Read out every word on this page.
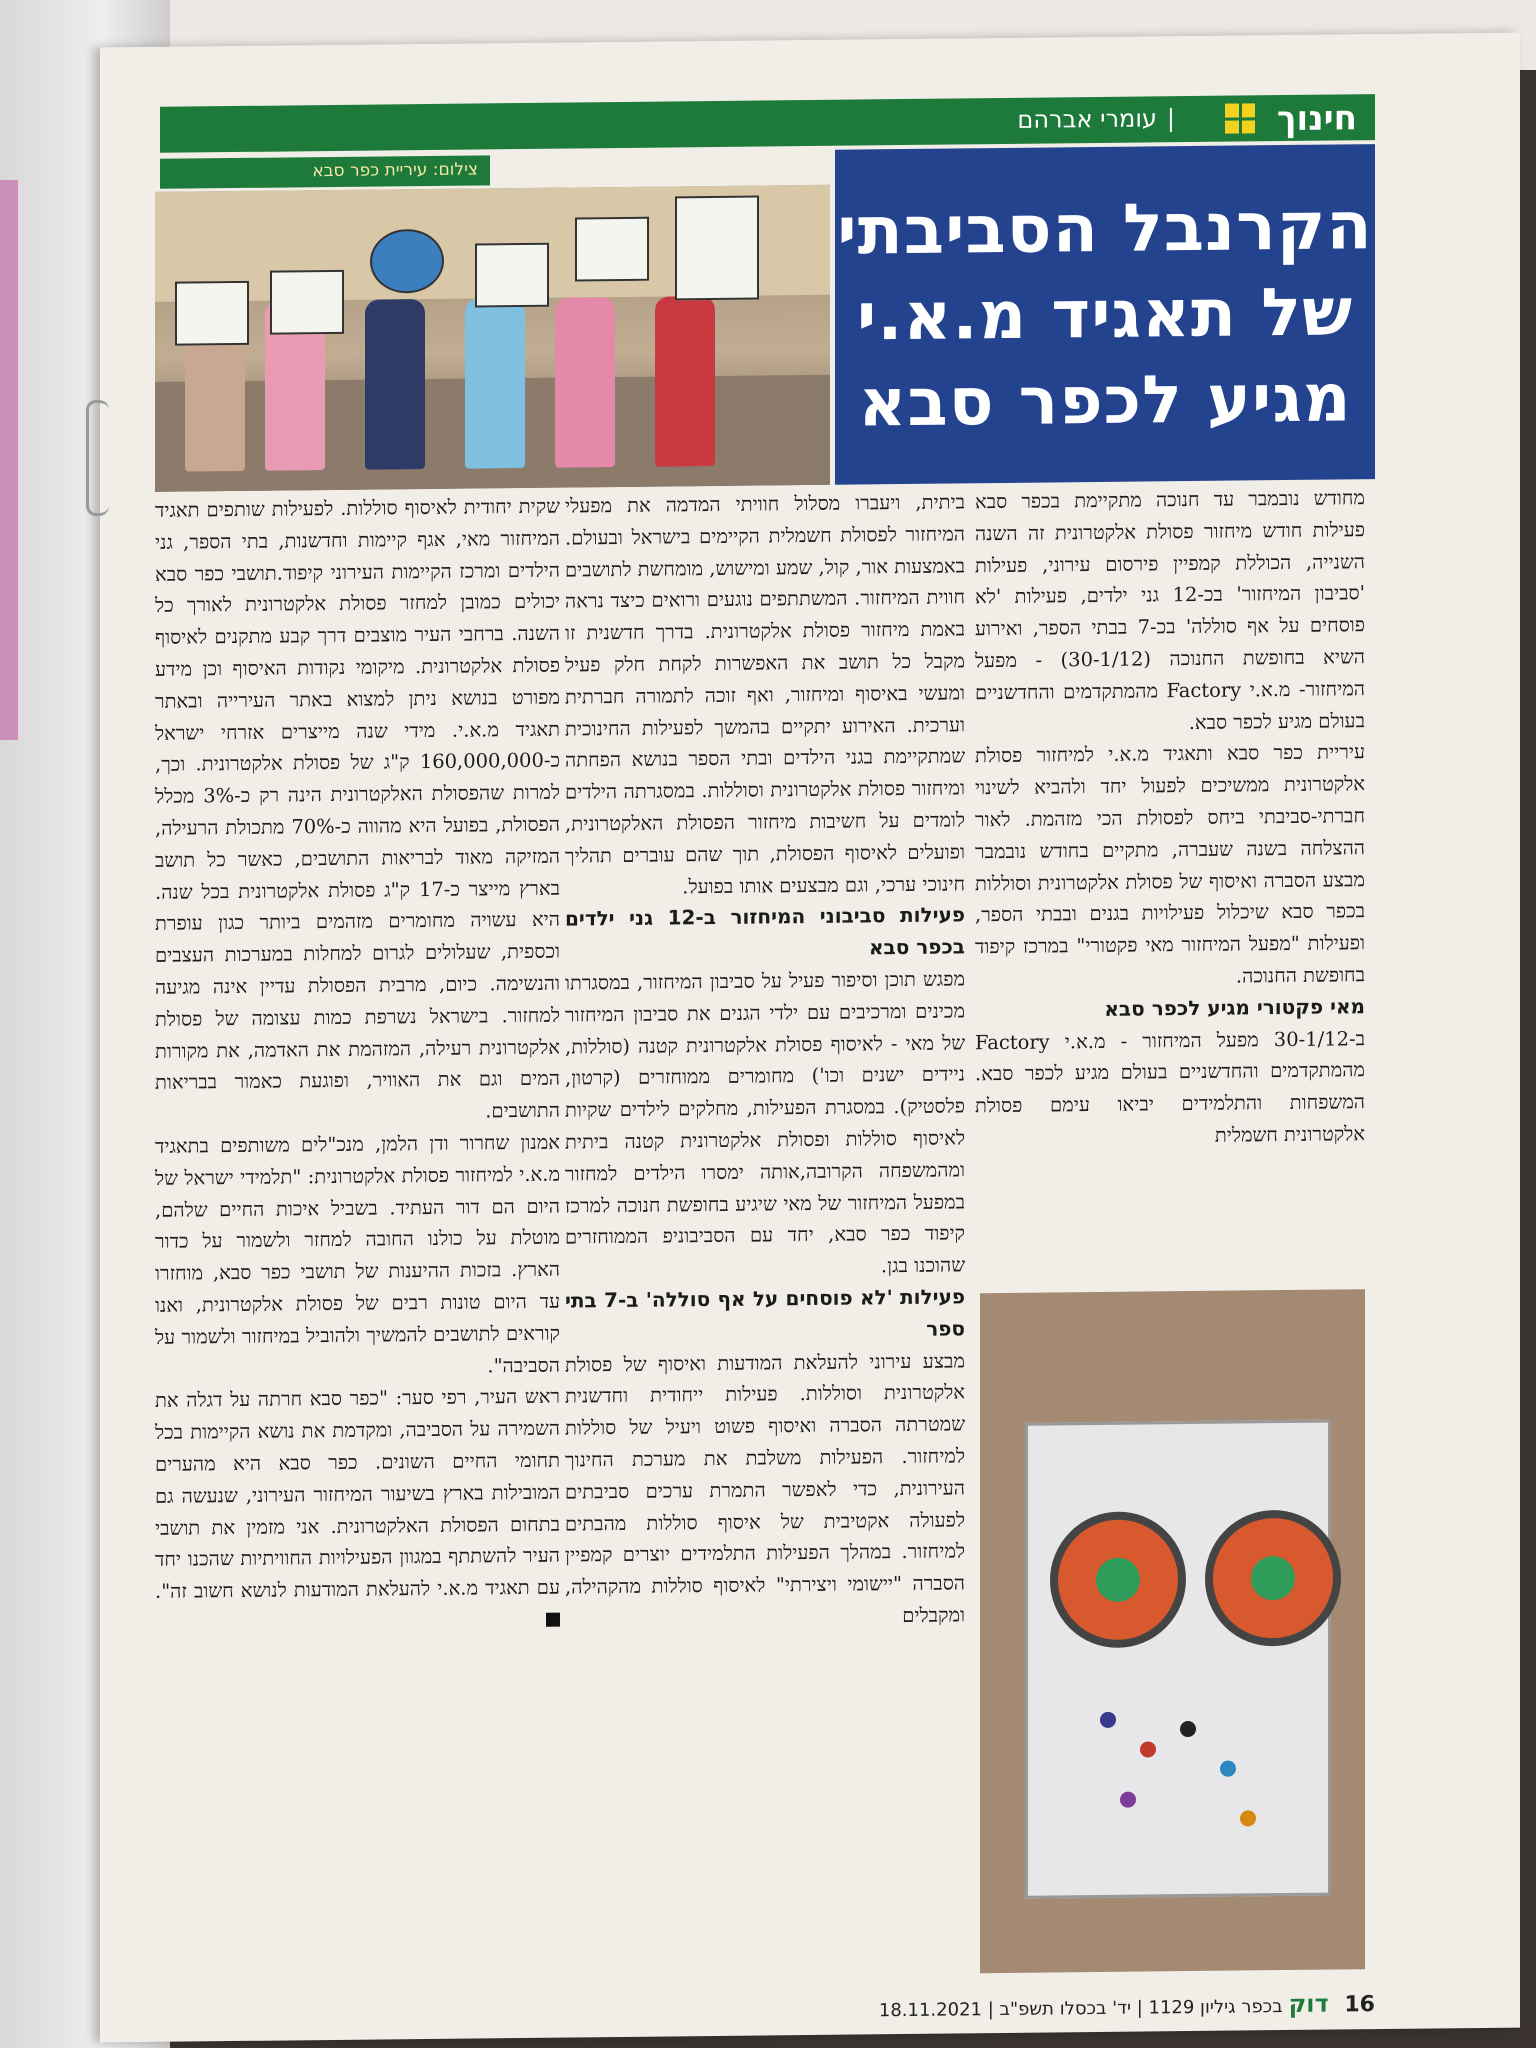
חינוך
| עומרי אברהם
צילום: עיריית כפר סבא
הקרנבל הסביבתי
של תאגיד מ.א.י
מגיע לכפר סבא

מחודש נובמבר עד חנוכה מתקיימת בכפר סבא פעילות חודש מיחזור פסולת אלקטרונית זה השנה השנייה, הכוללת קמפיין פירסום עירוני, פעילות 'סביבון המיחזור' בכ-12 גני ילדים, פעילות 'לא פוסחים על אף סוללה' בכ-7 בבתי הספר, ואירוע השיא בחופשת החנוכה (30-1/12) - מפעל המיחזור- מ.א.י Factory מהמתקדמים והחדשניים בעולם מגיע לכפר סבא.

עיריית כפר סבא ותאגיד מ.א.י למיחזור פסולת אלקטרונית ממשיכים לפעול יחד ולהביא לשינוי חברתי-סביבתי ביחס לפסולת הכי מזהמת. לאור ההצלחה בשנה שעברה, מתקיים בחודש נובמבר מבצע הסברה ואיסוף של פסולת אלקטרונית וסוללות בכפר סבא שיכלול פעילויות בגנים ובבתי הספר, ופעילות "מפעל המיחזור מאי פקטורי" במרכז קיפוד בחופשת החנוכה.

מאי פקטורי מגיע לכפר סבא

ב-30-1/12 מפעל המיחזור - מ.א.י Factory מהמתקדמים והחדשניים בעולם מגיע לכפר סבא. המשפחות והתלמידים יביאו עימם פסולת אלקטרונית חשמלית

ביתית, ויעברו מסלול חוויתי המדמה את מפעלי המיחזור לפסולת חשמלית הקיימים בישראל ובעולם. באמצעות אור, קול, שמע ומישוש, מומחשת לתושבים חווית המיחזור. המשתתפים נוגעים ורואים כיצד נראה באמת מיחזור פסולת אלקטרונית. בדרך חדשנית זו מקבל כל תושב את האפשרות לקחת חלק פעיל ומעשי באיסוף ומיחזור, ואף זוכה לתמורה חברתית וערכית. האירוע יתקיים בהמשך לפעילות החינוכית שמתקיימת בגני הילדים ובתי הספר בנושא הפחתה ומיחזור פסולת אלקטרונית וסוללות. במסגרתה הילדים לומדים על חשיבות מיחזור הפסולת האלקטרונית, ופועלים לאיסוף הפסולת, תוך שהם עוברים תהליך חינוכי ערכי, וגם מבצעים אותו בפועל.

פעילות סביבוני המיחזור ב-12 גני ילדים בכפר סבא

מפגש תוכן וסיפור פעיל על סביבון המיחזור, במסגרתו מכינים ומרכיבים עם ילדי הגנים את סביבון המיחזור של מאי - לאיסוף פסולת אלקטרונית קטנה (סוללות, ניידים ישנים וכו') מחומרים ממוחזרים (קרטון, פלסטיק). במסגרת הפעילות, מחלקים לילדים שקיות לאיסוף סוללות ופסולת אלקטרונית קטנה ביתית ומהמשפחה הקרובה,אותה ימסרו הילדים למחזור במפעל המיחזור של מאי שיגיע בחופשת חנוכה למרכז קיפוד כפר סבא, יחד עם הסביבוניפ הממוחזרים שהוכנו בגן.

פעילות 'לא פוסחים על אף סוללה' ב-7 בתי ספר

מבצע עירוני להעלאת המודעות ואיסוף של פסולת אלקטרונית וסוללות. פעילות ייחודית וחדשנית שמטרתה הסברה ואיסוף פשוט ויעיל של סוללות למיחזור. הפעילות משלבת את מערכת החינוך העירונית, כדי לאפשר התמרת ערכים סביבתים לפעולה אקטיבית של איסוף סוללות מהבתים למיחזור. במהלך הפעילות התלמידים יוצרים קמפיין הסברה "יישומי ויצירתי" לאיסוף סוללות מהקהילה, ומקבלים

שקית יחודית לאיסוף סוללות. לפעילות שותפים תאגיד המיחזור מאי, אגף קיימות וחדשנות, בתי הספר, גני הילדים ומרכז הקיימות העירוני קיפוד.תושבי כפר סבא יכולים כמובן למחזר פסולת אלקטרונית לאורך כל השנה. ברחבי העיר מוצבים דרך קבע מתקנים לאיסוף פסולת אלקטרונית. מיקומי נקודות האיסוף וכן מידע מפורט בנושא ניתן למצוא באתר העירייה ובאתר תאגיד מ.א.י. מידי שנה מייצרים אזרחי ישראל כ-160,000,000 ק"ג של פסולת אלקטרונית. וכך, למרות שהפסולת האלקטרונית הינה רק כ-3% מכלל הפסולת, בפועל היא מהווה כ-70% מתכולת הרעילה, המזיקה מאוד לבריאות התושבים, כאשר כל תושב בארץ מייצר כ-17 ק"ג פסולת אלקטרונית בכל שנה. היא עשויה מחומרים מזהמים ביותר כגון עופרת וכספית, שעלולים לגרום למחלות במערכות העצבים והנשימה. כיום, מרבית הפסולת עדיין אינה מגיעה למחזור. בישראל נשרפת כמות עצומה של פסולת אלקטרונית רעילה, המזהמת את האדמה, את מקורות המים וגם את האוויר, ופוגעת כאמור בבריאות התושבים.

אמנון שחרור ודן הלמן, מנכ"לים משותפים בתאגיד מ.א.י למיחזור פסולת אלקטרונית: "תלמידי ישראל של היום הם דור העתיד. בשביל איכות החיים שלהם, מוטלת על כולנו החובה למחזר ולשמור על כדור הארץ. בזכות ההיענות של תושבי כפר סבא, מוחזרו עד היום טונות רבים של פסולת אלקטרונית, ואנו קוראים לתושבים להמשיך ולהוביל במיחזור ולשמור על הסביבה".

ראש העיר, רפי סער: "כפר סבא חרתה על דגלה את השמירה על הסביבה, ומקדמת את נושא הקיימות בכל תחומי החיים השונים. כפר סבא היא מהערים המובילות בארץ בשיעור המיחזור העירוני, שנעשה גם בתחום הפסולת האלקטרונית. אני מזמין את תושבי העיר להשתתף במגוון הפעילויות החוויתיות שהכנו יחד עם תאגיד מ.א.י להעלאת המודעות לנושא חשוב זה".

16 דוקבכפר גיליון 1129 | יד' בכסלו תשפ"ב | 18.11.2021
